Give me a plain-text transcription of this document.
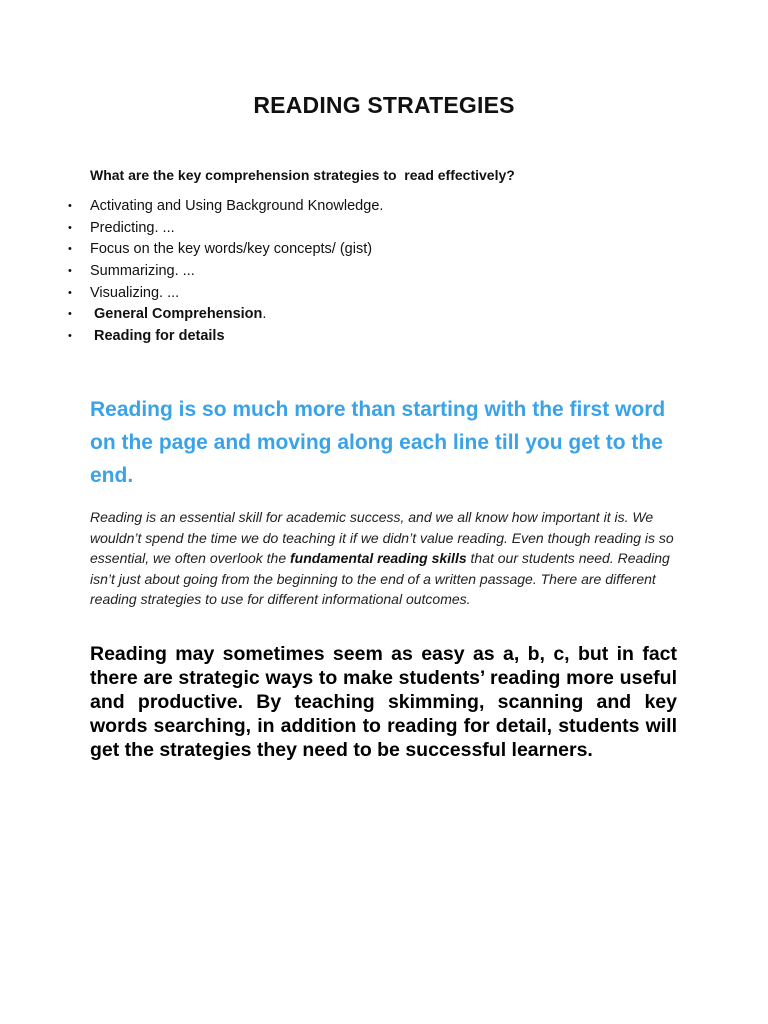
READING STRATEGIES

What are the key comprehension strategies to  read effectively?

• Activating and Using Background Knowledge.
• Predicting. ...
• Focus on the key words/key concepts/ (gist)
• Summarizing. ...
• Visualizing. ...
• General Comprehension.
• Reading for details

Reading is so much more than starting with the first word on the page and moving along each line till you get to the end.

Reading is an essential skill for academic success, and we all know how important it is. We wouldn’t spend the time we do teaching it if we didn’t value reading. Even though reading is so essential, we often overlook the fundamental reading skills that our students need. Reading isn’t just about going from the beginning to the end of a written passage. There are different reading strategies to use for different informational outcomes.

Reading may sometimes seem as easy as a, b, c, but in fact there are strategic ways to make students’ reading more useful and productive. By teaching skimming, scanning and key words searching, in addition to reading for detail, students will get the strategies they need to be successful learners.
